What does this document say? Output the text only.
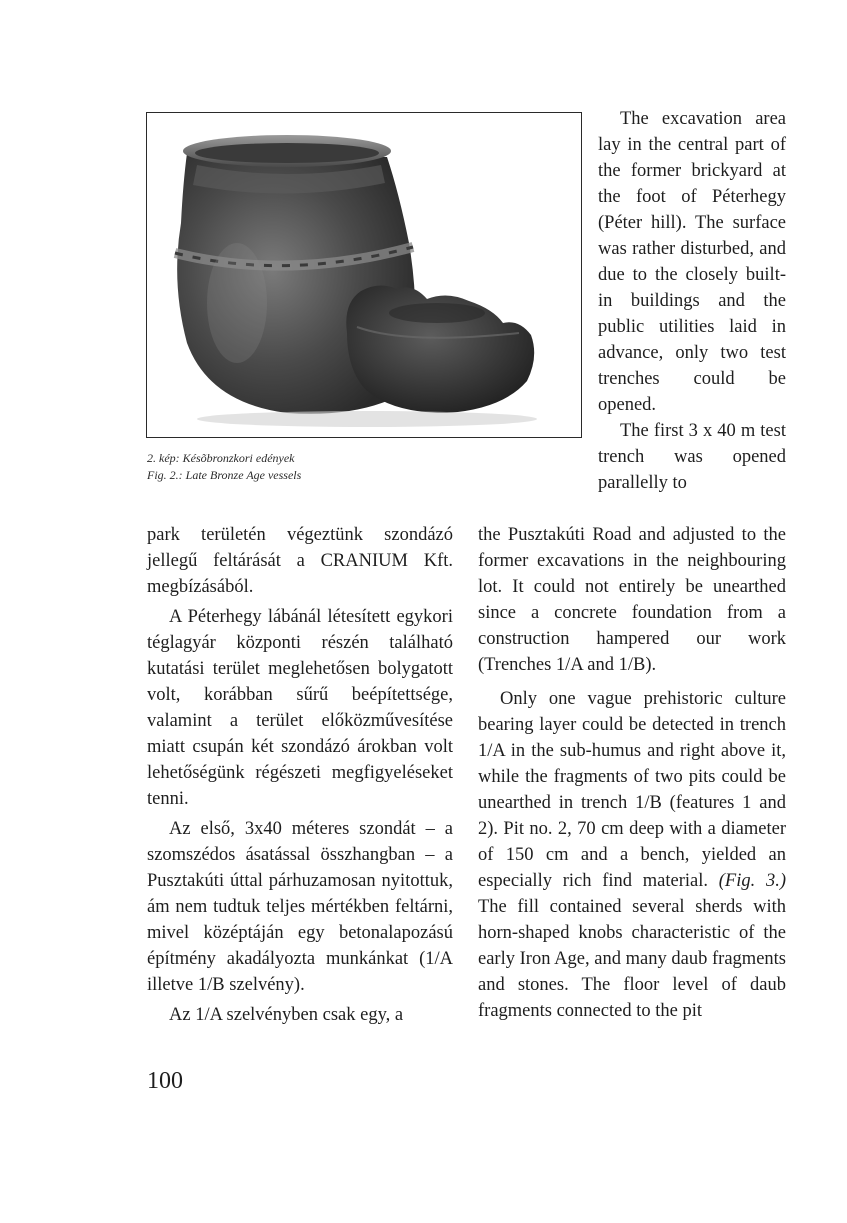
2. kép: Késõbronzkori edények
Fig. 2.: Late Bronze Age vessels

The excavation area lay in the central part of the former brickyard at the foot of Péterhegy (Péter hill). The surface was rather disturbed, and due to the closely built-in buildings and the public utilities laid in advance, only two test trenches could be opened.

The first 3 x 40 m test trench was opened parallelly to

the Pusztakúti Road and adjusted to the former excavations in the neighbouring lot. It could not entirely be unearthed since a concrete foundation from a construction hampered our work (Trenches 1/A and 1/B).

Only one vague prehistoric culture bearing layer could be detected in trench 1/A in the sub-humus and right above it, while the fragments of two pits could be unearthed in trench 1/B (features 1 and 2). Pit no. 2, 70 cm deep with a diameter of 150 cm and a bench, yielded an especially rich find material. (Fig. 3.) The fill contained several sherds with horn-shaped knobs characteristic of the early Iron Age, and many daub fragments and stones. The floor level of daub fragments connected to the pit

park területén végeztünk szondázó jellegű feltárását a CRANIUM Kft. megbízásából.

A Péterhegy lábánál létesített egykori téglagyár központi részén található kutatási terület meglehetősen bolygatott volt, korábban sűrű beépítettsége, valamint a terület előközművesítése miatt csupán két szondázó árokban volt lehetőségünk régészeti megfigyeléseket tenni.

Az első, 3x40 méteres szondát – a szomszédos ásatással összhangban – a Pusztakúti úttal párhuzamosan nyitottuk, ám nem tudtuk teljes mértékben feltárni, mivel középtáján egy betonalapozású építmény akadályozta munkánkat (1/A illetve 1/B szelvény).

Az 1/A szelvényben csak egy, a

100
